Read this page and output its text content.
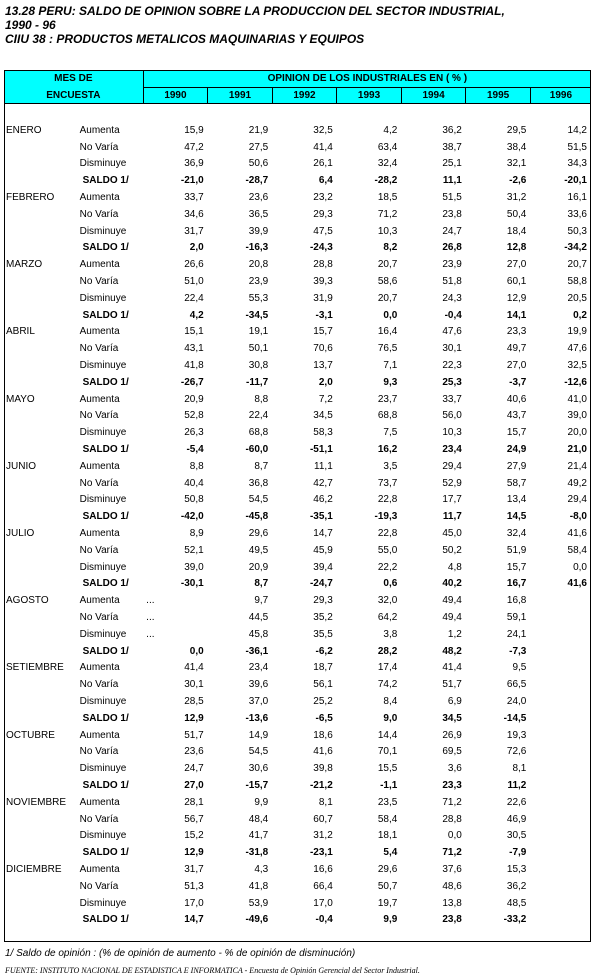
13.28 PERU: SALDO DE OPINION SOBRE LA PRODUCCION DEL SECTOR INDUSTRIAL,
1990 - 96
CIIU 38 : PRODUCTOS METALICOS MAQUINARIAS Y EQUIPOS
MES DE		OPINION DE LOS INDUSTRIALES EN ( % )						
ENCUESTA		1990	1991	1992	1993	1994	1995	1996

ENERO	Aumenta	15,9	21,9	32,5	4,2	36,2	29,5	14,2
	No Varía	47,2	27,5	41,4	63,4	38,7	38,4	51,5
	Disminuye	36,9	50,6	26,1	32,4	25,1	32,1	34,3
	SALDO 1/	-21,0	-28,7	6,4	-28,2	11,1	-2,6	-20,1
FEBRERO	Aumenta	33,7	23,6	23,2	18,5	51,5	31,2	16,1
	No Varía	34,6	36,5	29,3	71,2	23,8	50,4	33,6
	Disminuye	31,7	39,9	47,5	10,3	24,7	18,4	50,3
	SALDO 1/	2,0	-16,3	-24,3	8,2	26,8	12,8	-34,2
MARZO	Aumenta	26,6	20,8	28,8	20,7	23,9	27,0	20,7
	No Varía	51,0	23,9	39,3	58,6	51,8	60,1	58,8
	Disminuye	22,4	55,3	31,9	20,7	24,3	12,9	20,5
	SALDO 1/	4,2	-34,5	-3,1	0,0	-0,4	14,1	0,2
ABRIL	Aumenta	15,1	19,1	15,7	16,4	47,6	23,3	19,9
	No Varía	43,1	50,1	70,6	76,5	30,1	49,7	47,6
	Disminuye	41,8	30,8	13,7	7,1	22,3	27,0	32,5
	SALDO 1/	-26,7	-11,7	2,0	9,3	25,3	-3,7	-12,6
MAYO	Aumenta	20,9	8,8	7,2	23,7	33,7	40,6	41,0
	No Varía	52,8	22,4	34,5	68,8	56,0	43,7	39,0
	Disminuye	26,3	68,8	58,3	7,5	10,3	15,7	20,0
	SALDO 1/	-5,4	-60,0	-51,1	16,2	23,4	24,9	21,0
JUNIO	Aumenta	8,8	8,7	11,1	3,5	29,4	27,9	21,4
	No Varía	40,4	36,8	42,7	73,7	52,9	58,7	49,2
	Disminuye	50,8	54,5	46,2	22,8	17,7	13,4	29,4
	SALDO 1/	-42,0	-45,8	-35,1	-19,3	11,7	14,5	-8,0
JULIO	Aumenta	8,9	29,6	14,7	22,8	45,0	32,4	41,6
	No Varía	52,1	49,5	45,9	55,0	50,2	51,9	58,4
	Disminuye	39,0	20,9	39,4	22,2	4,8	15,7	0,0
	SALDO 1/	-30,1	8,7	-24,7	0,6	40,2	16,7	41,6
AGOSTO	Aumenta	...	9,7	29,3	32,0	49,4	16,8	
	No Varía	...	44,5	35,2	64,2	49,4	59,1	
	Disminuye	...	45,8	35,5	3,8	1,2	24,1	
	SALDO 1/	0,0	-36,1	-6,2	28,2	48,2	-7,3	
SETIEMBRE	Aumenta	41,4	23,4	18,7	17,4	41,4	9,5	
	No Varía	30,1	39,6	56,1	74,2	51,7	66,5	
	Disminuye	28,5	37,0	25,2	8,4	6,9	24,0	
	SALDO 1/	12,9	-13,6	-6,5	9,0	34,5	-14,5	
OCTUBRE	Aumenta	51,7	14,9	18,6	14,4	26,9	19,3	
	No Varía	23,6	54,5	41,6	70,1	69,5	72,6	
	Disminuye	24,7	30,6	39,8	15,5	3,6	8,1	
	SALDO 1/	27,0	-15,7	-21,2	-1,1	23,3	11,2	
NOVIEMBRE	Aumenta	28,1	9,9	8,1	23,5	71,2	22,6	
	No Varía	56,7	48,4	60,7	58,4	28,8	46,9	
	Disminuye	15,2	41,7	31,2	18,1	0,0	30,5	
	SALDO 1/	12,9	-31,8	-23,1	5,4	71,2	-7,9	
DICIEMBRE	Aumenta	31,7	4,3	16,6	29,6	37,6	15,3	
	No Varía	51,3	41,8	66,4	50,7	48,6	36,2	
	Disminuye	17,0	53,9	17,0	19,7	13,8	48,5	
	SALDO 1/	14,7	-49,6	-0,4	9,9	23,8	-33,2	
1/ Saldo de opinión : (% de opinión de aumento - % de opinión de disminución)
FUENTE: INSTITUTO NACIONAL DE ESTADISTICA E INFORMATICA - Encuesta de Opinión Gerencial del Sector Industrial.
